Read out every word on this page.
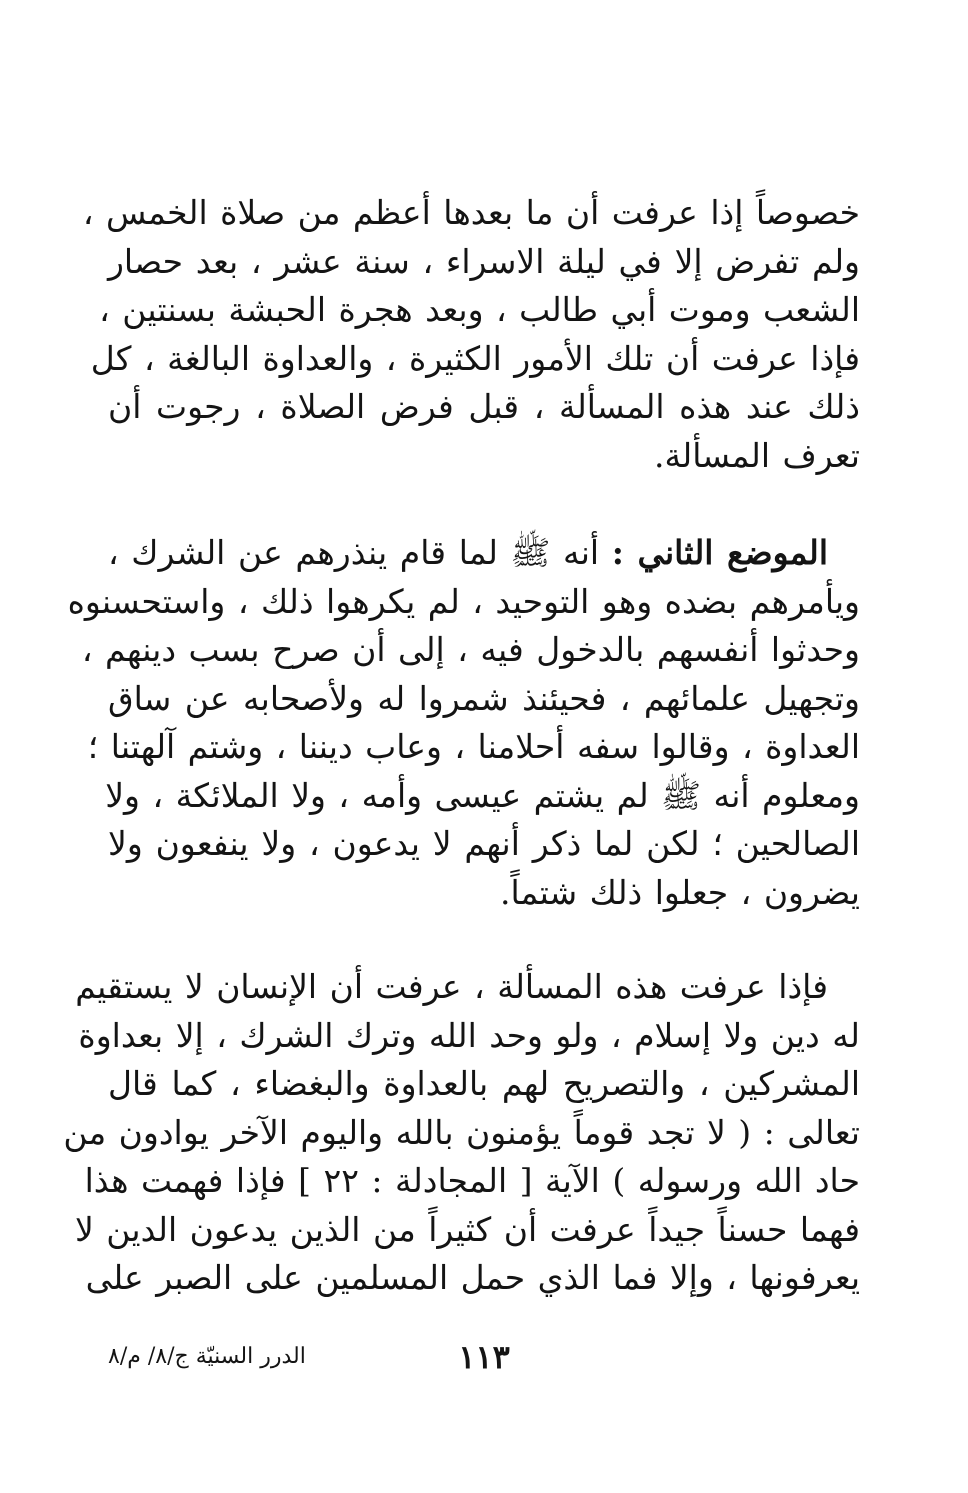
خصوصاً إذا عرفت أن ما بعدها أعظم من صلاة الخمس ،
ولم تفرض إلا في ليلة الاسراء ، سنة عشر ، بعد حصار
الشعب وموت أبي طالب ، وبعد هجرة الحبشة بسنتين ،
فإذا عرفت أن تلك الأمور الكثيرة ، والعداوة البالغة ، كل
ذلك عند هذه المسألة ، قبل فرض الصلاة ، رجوت أن
تعرف المسألة.

الموضع الثاني : أنه ﷺ لما قام ينذرهم عن الشرك ،
ويأمرهم بضده وهو التوحيد ، لم يكرهوا ذلك ، واستحسنوه
وحدثوا أنفسهم بالدخول فيه ، إلى أن صرح بسب دينهم ،
وتجهيل علمائهم ، فحيئنذ شمروا له ولأصحابه عن ساق
العداوة ، وقالوا سفه أحلامنا ، وعاب ديننا ، وشتم آلهتنا ؛
ومعلوم أنه ﷺ لم يشتم عيسى وأمه ، ولا الملائكة ، ولا
الصالحين ؛ لكن لما ذكر أنهم لا يدعون ، ولا ينفعون ولا
يضرون ، جعلوا ذلك شتماً.

فإذا عرفت هذه المسألة ، عرفت أن الإنسان لا يستقيم
له دين ولا إسلام ، ولو وحد الله وترك الشرك ، إلا بعداوة
المشركين ، والتصريح لهم بالعداوة والبغضاء ، كما قال
تعالى : ( لا تجد قوماً يؤمنون بالله واليوم الآخر يوادون من
حاد الله ورسوله ) الآية [ المجادلة : ٢٢ ] فإذا فهمت هذا
فهما حسناً جيداً عرفت أن كثيراً من الذين يدعون الدين لا
يعرفونها ، وإلا فما الذي حمل المسلمين على الصبر على

١١٣
الدرر السنيّة ج/٨/ م/٨
